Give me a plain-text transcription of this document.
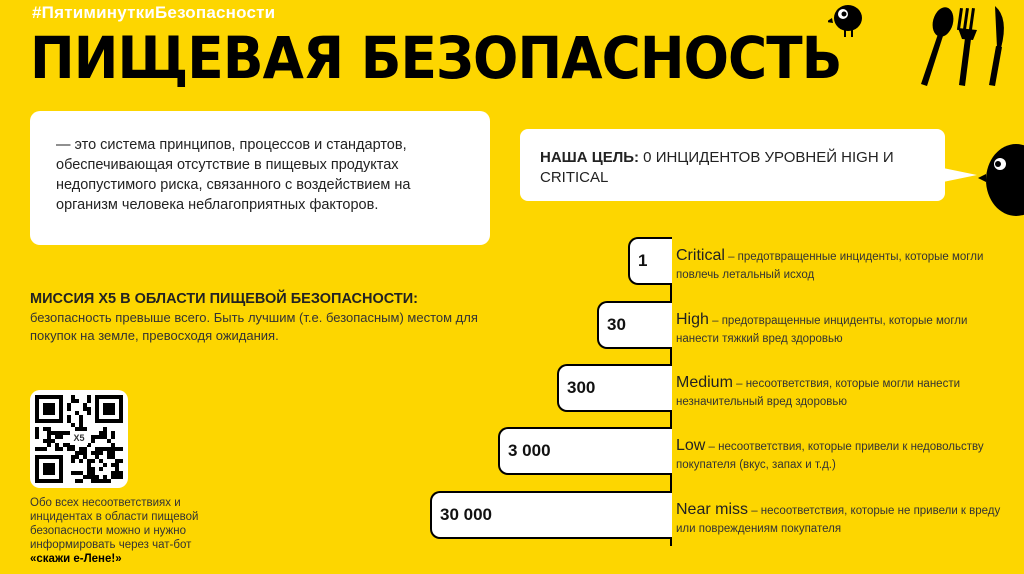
#ПятиминуткиБезопасности
ПИЩЕВАЯ БЕЗОПАСНОСТЬ

— это система принципов, процессов и стандартов, обеспечивающая отсутствие в пищевых продуктах недопустимого риска, связанного с воздействием на организм человека неблагоприятных факторов.

НАША ЦЕЛЬ: 0 ИНЦИДЕНТОВ УРОВНЕЙ HIGH И CRITICAL

МИССИЯ X5 В ОБЛАСТИ ПИЩЕВОЙ БЕЗОПАСНОСТИ:

безопасность превыше всего. Быть лучшим (т.е. безопасным) местом для покупок на земле, превосходя ожидания.

X5
Обо всех несоответствиях и инцидентах в области пищевой безопасности можно и нужно информировать через чат-бот «скажи е-Лене!»
1
30
300
3 000
30 000
Critical – предотвращенные инциденты, которые могли повлечь летальный исход
High – предотвращенные инциденты, которые могли нанести тяжкий вред здоровью
Medium – несоответствия, которые могли нанести незначительный вред здоровью
Low – несоответствия, которые привели к недовольству покупателя (вкус, запах и т.д.)
Near miss – несоответствия, которые не привели к вреду или повреждениям покупателя
